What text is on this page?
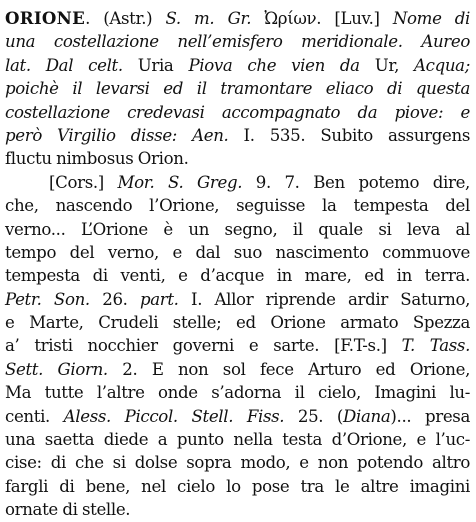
ORIONE. (Astr.) S. m. Gr. Ὠρίων. [Luv.] Nome di
una costellazione nell’emisfero meridionale. Aureo
lat. Dal celt. Uria Piova che vien da Ur, Acqua;
poichè il levarsi ed il tramontare eliaco di questa
costellazione credevasi accompagnato da piove: e
però Virgilio disse: Aen. I. 535. Subito assurgens
fluctu nimbosus Orion.
[Cors.] Mor. S. Greg. 9. 7. Ben potemo dire,
che, nascendo l’Orione, seguisse la tempesta del
verno... L’Orione è un segno, il quale si leva al
tempo del verno, e dal suo nascimento commuove
tempesta di venti, e d’acque in mare, ed in terra.
Petr. Son. 26. part. I. Allor riprende ardir Saturno,
e Marte, Crudeli stelle; ed Orione armato Spezza
a’ tristi nocchier governi e sarte. [F.T-s.] T. Tass.
Sett. Giorn. 2. E non sol fece Arturo ed Orione,
Ma tutte l’altre onde s’adorna il cielo, Imagini lu-
centi. Aless. Piccol. Stell. Fiss. 25. (Diana)... presa
una saetta diede a punto nella testa d’Orione, e l’uc-
cise: di che si dolse sopra modo, e non potendo altro
fargli di bene, nel cielo lo pose tra le altre imagini
ornate di stelle.
